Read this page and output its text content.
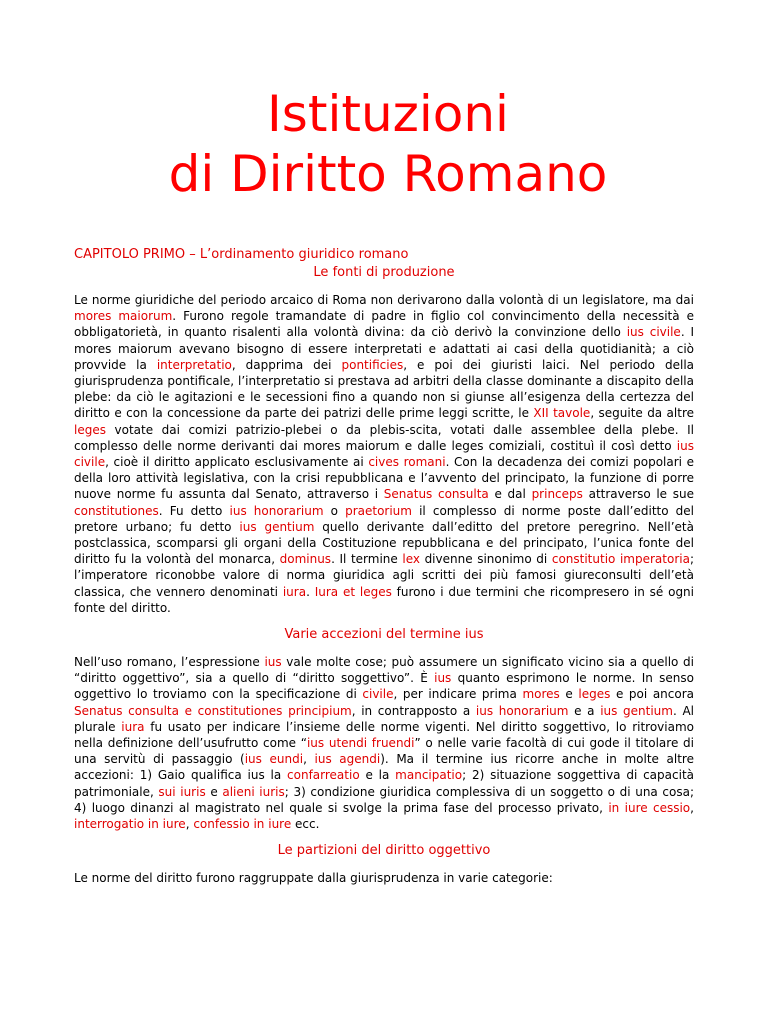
Istituzioni
di Diritto Romano
CAPITOLO PRIMO – L’ordinamento giuridico romano
Le fonti di produzione

Le norme giuridiche del periodo arcaico di Roma non derivarono dalla volontà di un legislatore, ma dai mores maiorum. Furono regole tramandate di padre in figlio col convincimento della necessità e obbligatorietà, in quanto risalenti alla volontà divina: da ciò derivò la convinzione dello ius civile. I mores maiorum avevano bisogno di essere interpretati e adattati ai casi della quotidianità; a ciò provvide la interpretatio, dapprima dei pontificies, e poi dei giuristi laici. Nel periodo della giurisprudenza pontificale, l’interpretatio si prestava ad arbitri della classe dominante a discapito della plebe: da ciò le agitazioni e le secessioni fino a quando non si giunse all’esigenza della certezza del diritto e con la concessione da parte dei patrizi delle prime leggi scritte, le XII tavole, seguite da altre leges votate dai comizi patrizio-plebei o da plebis-scita, votati dalle assemblee della plebe. Il complesso delle norme derivanti dai mores maiorum e dalle leges comiziali, costituì il così detto ius civile, cioè il diritto applicato esclusivamente ai cives romani. Con la decadenza dei comizi popolari e della loro attività legislativa, con la crisi repubblicana e l’avvento del principato, la funzione di porre nuove norme fu assunta dal Senato, attraverso i Senatus consulta e dal princeps attraverso le sue constitutiones. Fu detto ius honorarium o praetorium il complesso di norme poste dall’editto del pretore urbano; fu detto ius gentium quello derivante dall’editto del pretore peregrino. Nell’età postclassica, scomparsi gli organi della Costituzione repubblicana e del principato, l’unica fonte del diritto fu la volontà del monarca, dominus. Il termine lex divenne sinonimo di constitutio imperatoria; l’imperatore riconobbe valore di norma giuridica agli scritti dei più famosi giureconsulti dell’età classica, che vennero denominati iura. Iura et leges furono i due termini che ricompresero in sé ogni fonte del diritto.

Varie accezioni del termine ius

Nell’uso romano, l’espressione ius vale molte cose; può assumere un significato vicino sia a quello di “diritto oggettivo”, sia a quello di “diritto soggettivo”. È ius quanto esprimono le norme. In senso oggettivo lo troviamo con la specificazione di civile, per indicare prima mores e leges e poi ancora Senatus consulta e constitutiones principium, in contrapposto a ius honorarium e a ius gentium. Al plurale iura fu usato per indicare l’insieme delle norme vigenti. Nel diritto soggettivo, lo ritroviamo nella definizione dell’usufrutto come “ius utendi fruendi” o nelle varie facoltà di cui gode il titolare di una servitù di passaggio (ius eundi, ius agendi). Ma il termine ius ricorre anche in molte altre accezioni: 1) Gaio qualifica ius la confarreatio e la mancipatio; 2) situazione soggettiva di capacità patrimoniale, sui iuris e alieni iuris; 3) condizione giuridica complessiva di un soggetto o di una cosa; 4) luogo dinanzi al magistrato nel quale si svolge la prima fase del processo privato, in iure cessio, interrogatio in iure, confessio in iure ecc.

Le partizioni del diritto oggettivo

Le norme del diritto furono raggruppate dalla giurisprudenza in varie categorie:
